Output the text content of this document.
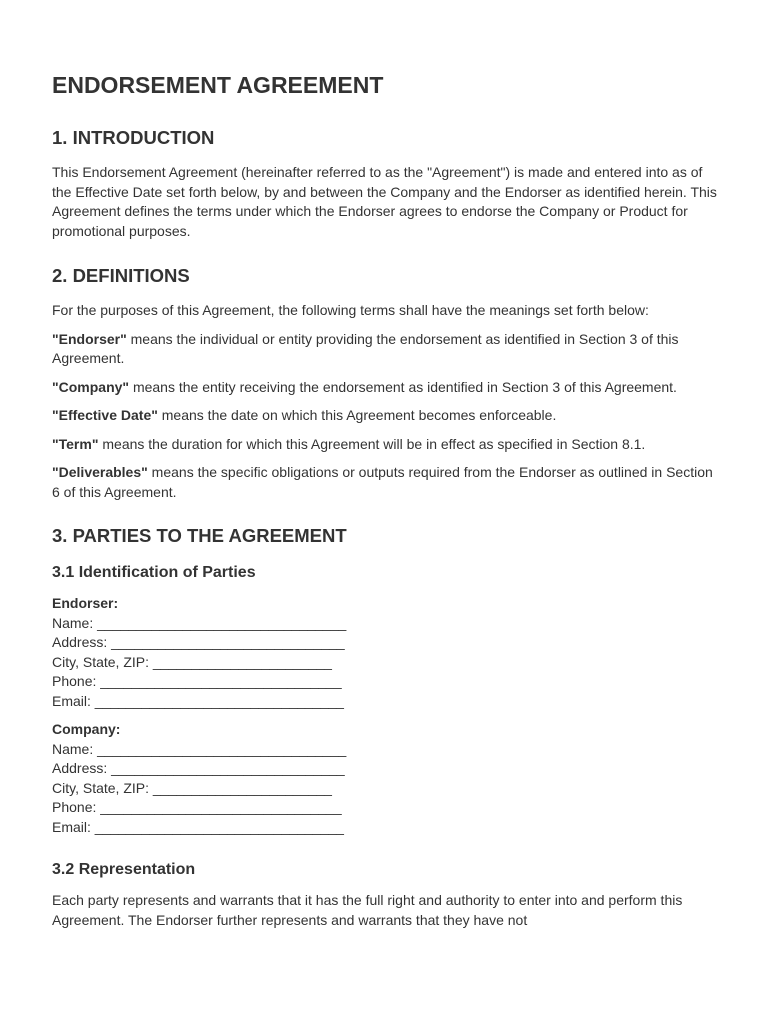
ENDORSEMENT AGREEMENT
1. INTRODUCTION

This Endorsement Agreement (hereinafter referred to as the "Agreement") is made and entered into as of the Effective Date set forth below, by and between the Company and the Endorser as identified herein. This Agreement defines the terms under which the Endorser agrees to endorse the Company or Product for promotional purposes.

2. DEFINITIONS

For the purposes of this Agreement, the following terms shall have the meanings set forth below:

"Endorser" means the individual or entity providing the endorsement as identified in Section 3 of this Agreement.

"Company" means the entity receiving the endorsement as identified in Section 3 of this Agreement.

"Effective Date" means the date on which this Agreement becomes enforceable.

"Term" means the duration for which this Agreement will be in effect as specified in Section 8.1.

"Deliverables" means the specific obligations or outputs required from the Endorser as outlined in Section 6 of this Agreement.

3. PARTIES TO THE AGREEMENT
3.1 Identification of Parties
Endorser:
Name: ________________________________
Address: ______________________________
City, State, ZIP: _______________________
Phone: _______________________________
Email: ________________________________
Company:
Name: ________________________________
Address: ______________________________
City, State, ZIP: _______________________
Phone: _______________________________
Email: ________________________________
3.2 Representation

Each party represents and warrants that it has the full right and authority to enter into and perform this Agreement. The Endorser further represents and warrants that they have not
